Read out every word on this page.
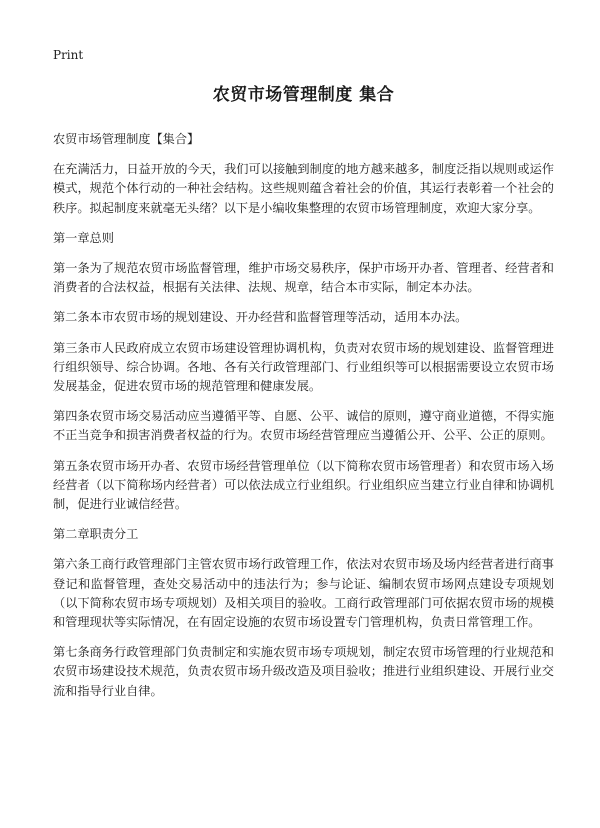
Print
农贸市场管理制度 集合
农贸市场管理制度【集合】

在充满活力，日益开放的今天，我们可以接触到制度的地方越来越多，制度泛指以规则或运作模式，规范个体行动的一种社会结构。这些规则蕴含着社会的价值，其运行表彰着一个社会的秩序。拟起制度来就毫无头绪？以下是小编收集整理的农贸市场管理制度，欢迎大家分享。

第一章总则

第一条为了规范农贸市场监督管理，维护市场交易秩序，保护市场开办者、管理者、经营者和消费者的合法权益，根据有关法律、法规、规章，结合本市实际，制定本办法。

第二条本市农贸市场的规划建设、开办经营和监督管理等活动，适用本办法。

第三条市人民政府成立农贸市场建设管理协调机构，负责对农贸市场的规划建设、监督管理进行组织领导、综合协调。各地、各有关行政管理部门、行业组织等可以根据需要设立农贸市场发展基金，促进农贸市场的规范管理和健康发展。

第四条农贸市场交易活动应当遵循平等、自愿、公平、诚信的原则，遵守商业道德，不得实施不正当竞争和损害消费者权益的行为。农贸市场经营管理应当遵循公开、公平、公正的原则。

第五条农贸市场开办者、农贸市场经营管理单位（以下简称农贸市场管理者）和农贸市场入场经营者（以下简称场内经营者）可以依法成立行业组织。行业组织应当建立行业自律和协调机制，促进行业诚信经营。

第二章职责分工

第六条工商行政管理部门主管农贸市场行政管理工作，依法对农贸市场及场内经营者进行商事登记和监督管理，查处交易活动中的违法行为；参与论证、编制农贸市场网点建设专项规划（以下简称农贸市场专项规划）及相关项目的验收。工商行政管理部门可依据农贸市场的规模和管理现状等实际情况，在有固定设施的农贸市场设置专门管理机构，负责日常管理工作。

第七条商务行政管理部门负责制定和实施农贸市场专项规划，制定农贸市场管理的行业规范和农贸市场建设技术规范，负责农贸市场升级改造及项目验收；推进行业组织建设、开展行业交流和指导行业自律。
